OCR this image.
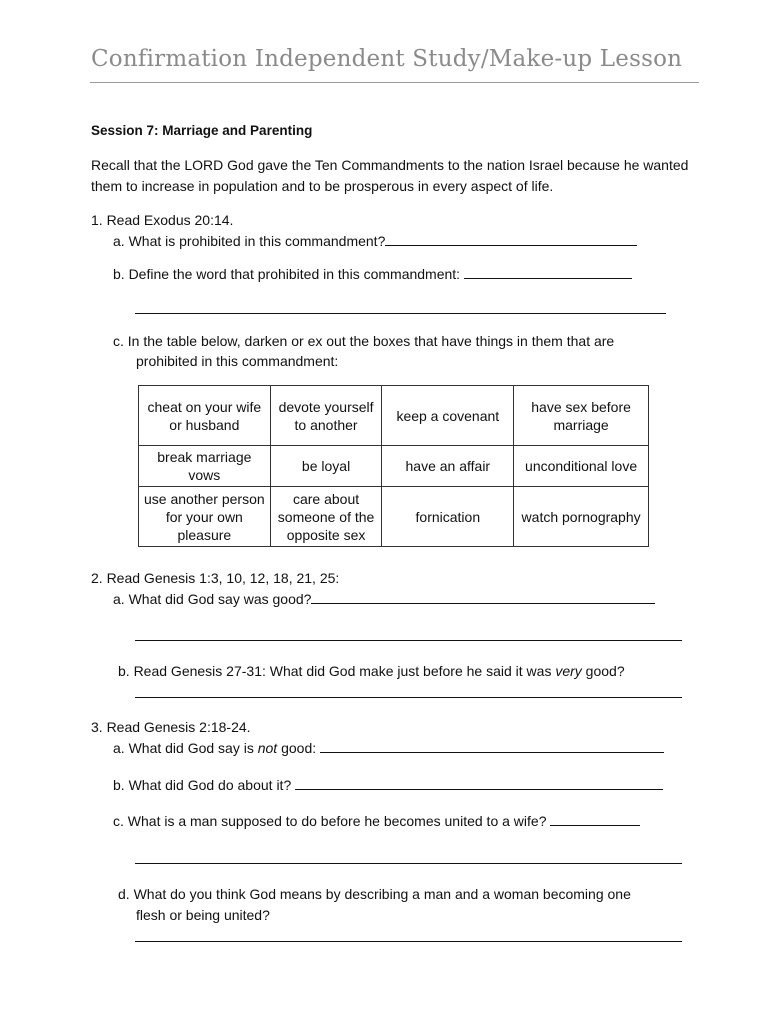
Confirmation Independent Study/Make-up Lesson
Session 7: Marriage and Parenting
Recall that the LORD God gave the Ten Commandments to the nation Israel because he wanted them to increase in population and to be prosperous in every aspect of life.
1. Read Exodus 20:14.
a. What is prohibited in this commandment?
b. Define the word that prohibited in this commandment:
c. In the table below, darken or ex out the boxes that have things in them that are
prohibited in this commandment:
cheat on your wife or husband	devote yourself to another	keep a covenant	have sex before marriage
break marriage vows	be loyal	have an affair	unconditional love
use another person for your own pleasure	care about someone of the opposite sex	fornication	watch pornography
2. Read Genesis 1:3, 10, 12, 18, 21, 25:
a. What did God say was good?
b. Read Genesis 27-31: What did God make just before he said it was very good?
3. Read Genesis 2:18-24.
a. What did God say is not good:
b. What did God do about it?
c. What is a man supposed to do before he becomes united to a wife?
d. What do you think God means by describing a man and a woman becoming one
flesh or being united?
